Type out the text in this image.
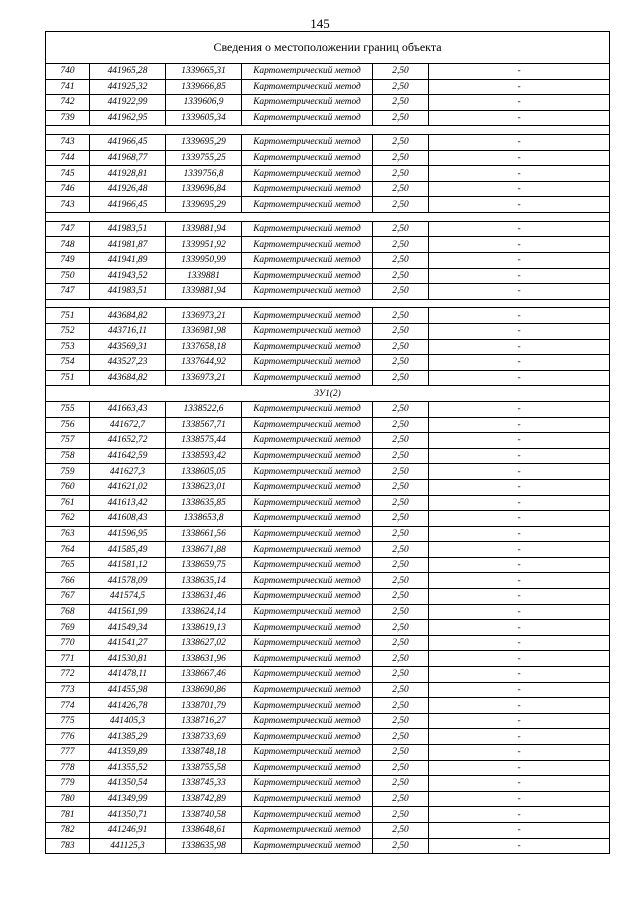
145
Сведения о местоположении границ объекта					
740	441965,28	1339665,31	Картометрический метод	2,50	-
741	441925,32	1339666,85	Картометрический метод	2,50	-
742	441922,99	1339606,9	Картометрический метод	2,50	-
739	441962,95	1339605,34	Картометрический метод	2,50	-

743	441966,45	1339695,29	Картометрический метод	2,50	-
744	441968,77	1339755,25	Картометрический метод	2,50	-
745	441928,81	1339756,8	Картометрический метод	2,50	-
746	441926,48	1339696,84	Картометрический метод	2,50	-
743	441966,45	1339695,29	Картометрический метод	2,50	-

747	441983,51	1339881,94	Картометрический метод	2,50	-
748	441981,87	1339951,92	Картометрический метод	2,50	-
749	441941,89	1339950,99	Картометрический метод	2,50	-
750	441943,52	1339881	Картометрический метод	2,50	-
747	441983,51	1339881,94	Картометрический метод	2,50	-

751	443684,82	1336973,21	Картометрический метод	2,50	-
752	443716,11	1336981,98	Картометрический метод	2,50	-
753	443569,31	1337658,18	Картометрический метод	2,50	-
754	443527,23	1337644,92	Картометрический метод	2,50	-
751	443684,82	1336973,21	Картометрический метод	2,50	-
ЗУ1(2)					
755	441663,43	1338522,6	Картометрический метод	2,50	-
756	441672,7	1338567,71	Картометрический метод	2,50	-
757	441652,72	1338575,44	Картометрический метод	2,50	-
758	441642,59	1338593,42	Картометрический метод	2,50	-
759	441627,3	1338605,05	Картометрический метод	2,50	-
760	441621,02	1338623,01	Картометрический метод	2,50	-
761	441613,42	1338635,85	Картометрический метод	2,50	-
762	441608,43	1338653,8	Картометрический метод	2,50	-
763	441596,95	1338661,56	Картометрический метод	2,50	-
764	441585,49	1338671,88	Картометрический метод	2,50	-
765	441581,12	1338659,75	Картометрический метод	2,50	-
766	441578,09	1338635,14	Картометрический метод	2,50	-
767	441574,5	1338631,46	Картометрический метод	2,50	-
768	441561,99	1338624,14	Картометрический метод	2,50	-
769	441549,34	1338619,13	Картометрический метод	2,50	-
770	441541,27	1338627,02	Картометрический метод	2,50	-
771	441530,81	1338631,96	Картометрический метод	2,50	-
772	441478,11	1338667,46	Картометрический метод	2,50	-
773	441455,98	1338690,86	Картометрический метод	2,50	-
774	441426,78	1338701,79	Картометрический метод	2,50	-
775	441405,3	1338716,27	Картометрический метод	2,50	-
776	441385,29	1338733,69	Картометрический метод	2,50	-
777	441359,89	1338748,18	Картометрический метод	2,50	-
778	441355,52	1338755,58	Картометрический метод	2,50	-
779	441350,54	1338745,33	Картометрический метод	2,50	-
780	441349,99	1338742,89	Картометрический метод	2,50	-
781	441350,71	1338740,58	Картометрический метод	2,50	-
782	441246,91	1338648,61	Картометрический метод	2,50	-
783	441125,3	1338635,98	Картометрический метод	2,50	-
